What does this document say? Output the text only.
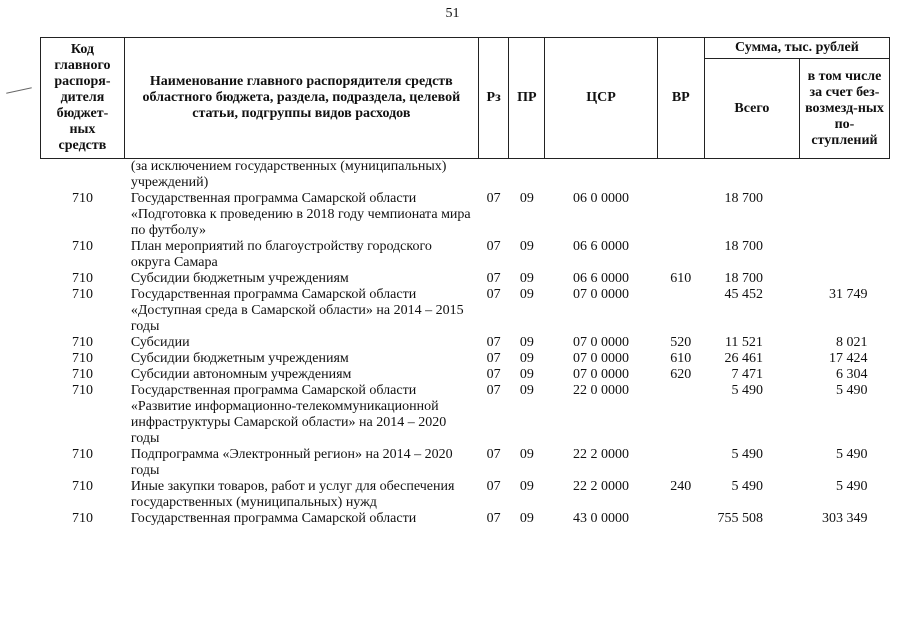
51
Код главного распоря-дителя бюджет-ных средств	Наименование главного распорядителя средств областного бюджета, раздела, подраздела, целевой статьи, подгруппы видов расходов	Рз	ПР	ЦСР	ВР	Сумма, тыс. рублей	
						Всего	в том числе за счет без-возмезд-ных по-ступлений
	(за исключением государственных (муниципальных) учреждений)						
710	Государственная программа Самарской области «Подготовка к проведению в 2018 году чемпионата мира по футболу»	07	09	06 0 0000		18 700	
710	План мероприятий по благоустройству городского округа Самара	07	09	06 6 0000		18 700	
710	Субсидии бюджетным учреждениям	07	09	06 6 0000	610	18 700	
710	Государственная программа Самарской области «Доступная среда в Самарской области» на 2014 – 2015 годы	07	09	07 0 0000		45 452	31 749
710	Субсидии	07	09	07 0 0000	520	11 521	8 021
710	Субсидии бюджетным учреждениям	07	09	07 0 0000	610	26 461	17 424
710	Субсидии автономным учреждениям	07	09	07 0 0000	620	7 471	6 304
710	Государственная программа Самарской области «Развитие информационно-телекоммуникационной инфраструктуры Самарской области» на 2014 – 2020 годы	07	09	22 0 0000		5 490	5 490
710	Подпрограмма «Электронный регион» на 2014 – 2020 годы	07	09	22 2 0000		5 490	5 490
710	Иные закупки товаров, работ и услуг для обеспечения государственных (муниципальных) нужд	07	09	22 2 0000	240	5 490	5 490
710	Государственная программа Самарской области	07	09	43 0 0000		755 508	303 349
